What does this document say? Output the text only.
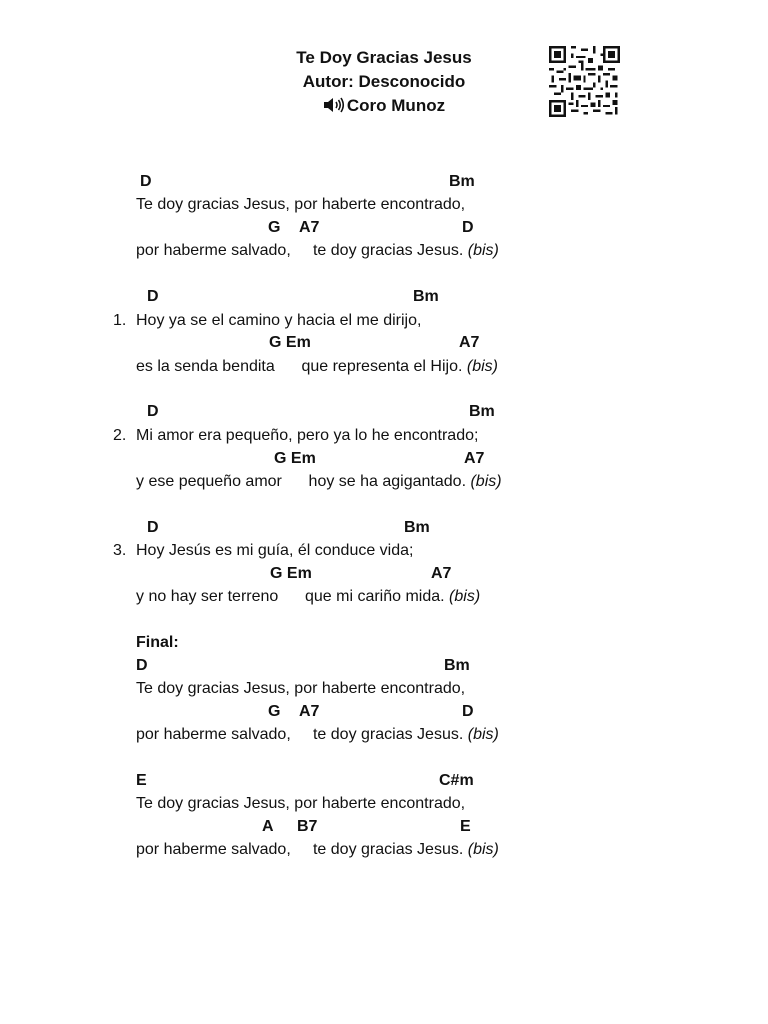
Te Doy Gracias Jesus
Autor: Desconocido
Coro Munoz
D	Bm
Te doy gracias Jesus, por haberte encontrado,
G A7	D
por haberme salvado,     te doy gracias Jesus. (bis)
D	Bm
1. Hoy ya se el camino y hacia el me dirijo,
G Em	A7
es la senda bendita      que representa el Hijo. (bis)
D	Bm
2. Mi amor era pequeño, pero ya lo he encontrado;
G Em	A7
y ese pequeño amor      hoy se ha agigantado. (bis)
D	Bm
3. Hoy Jesús es mi guía, él conduce vida;
G Em	A7
y no hay ser terreno      que mi cariño mida. (bis)
Final:
D	Bm
Te doy gracias Jesus, por haberte encontrado,
G A7	D
por haberme salvado,     te doy gracias Jesus. (bis)
E	C#m
Te doy gracias Jesus, por haberte encontrado,
A B7	E
por haberme salvado,     te doy gracias Jesus. (bis)
